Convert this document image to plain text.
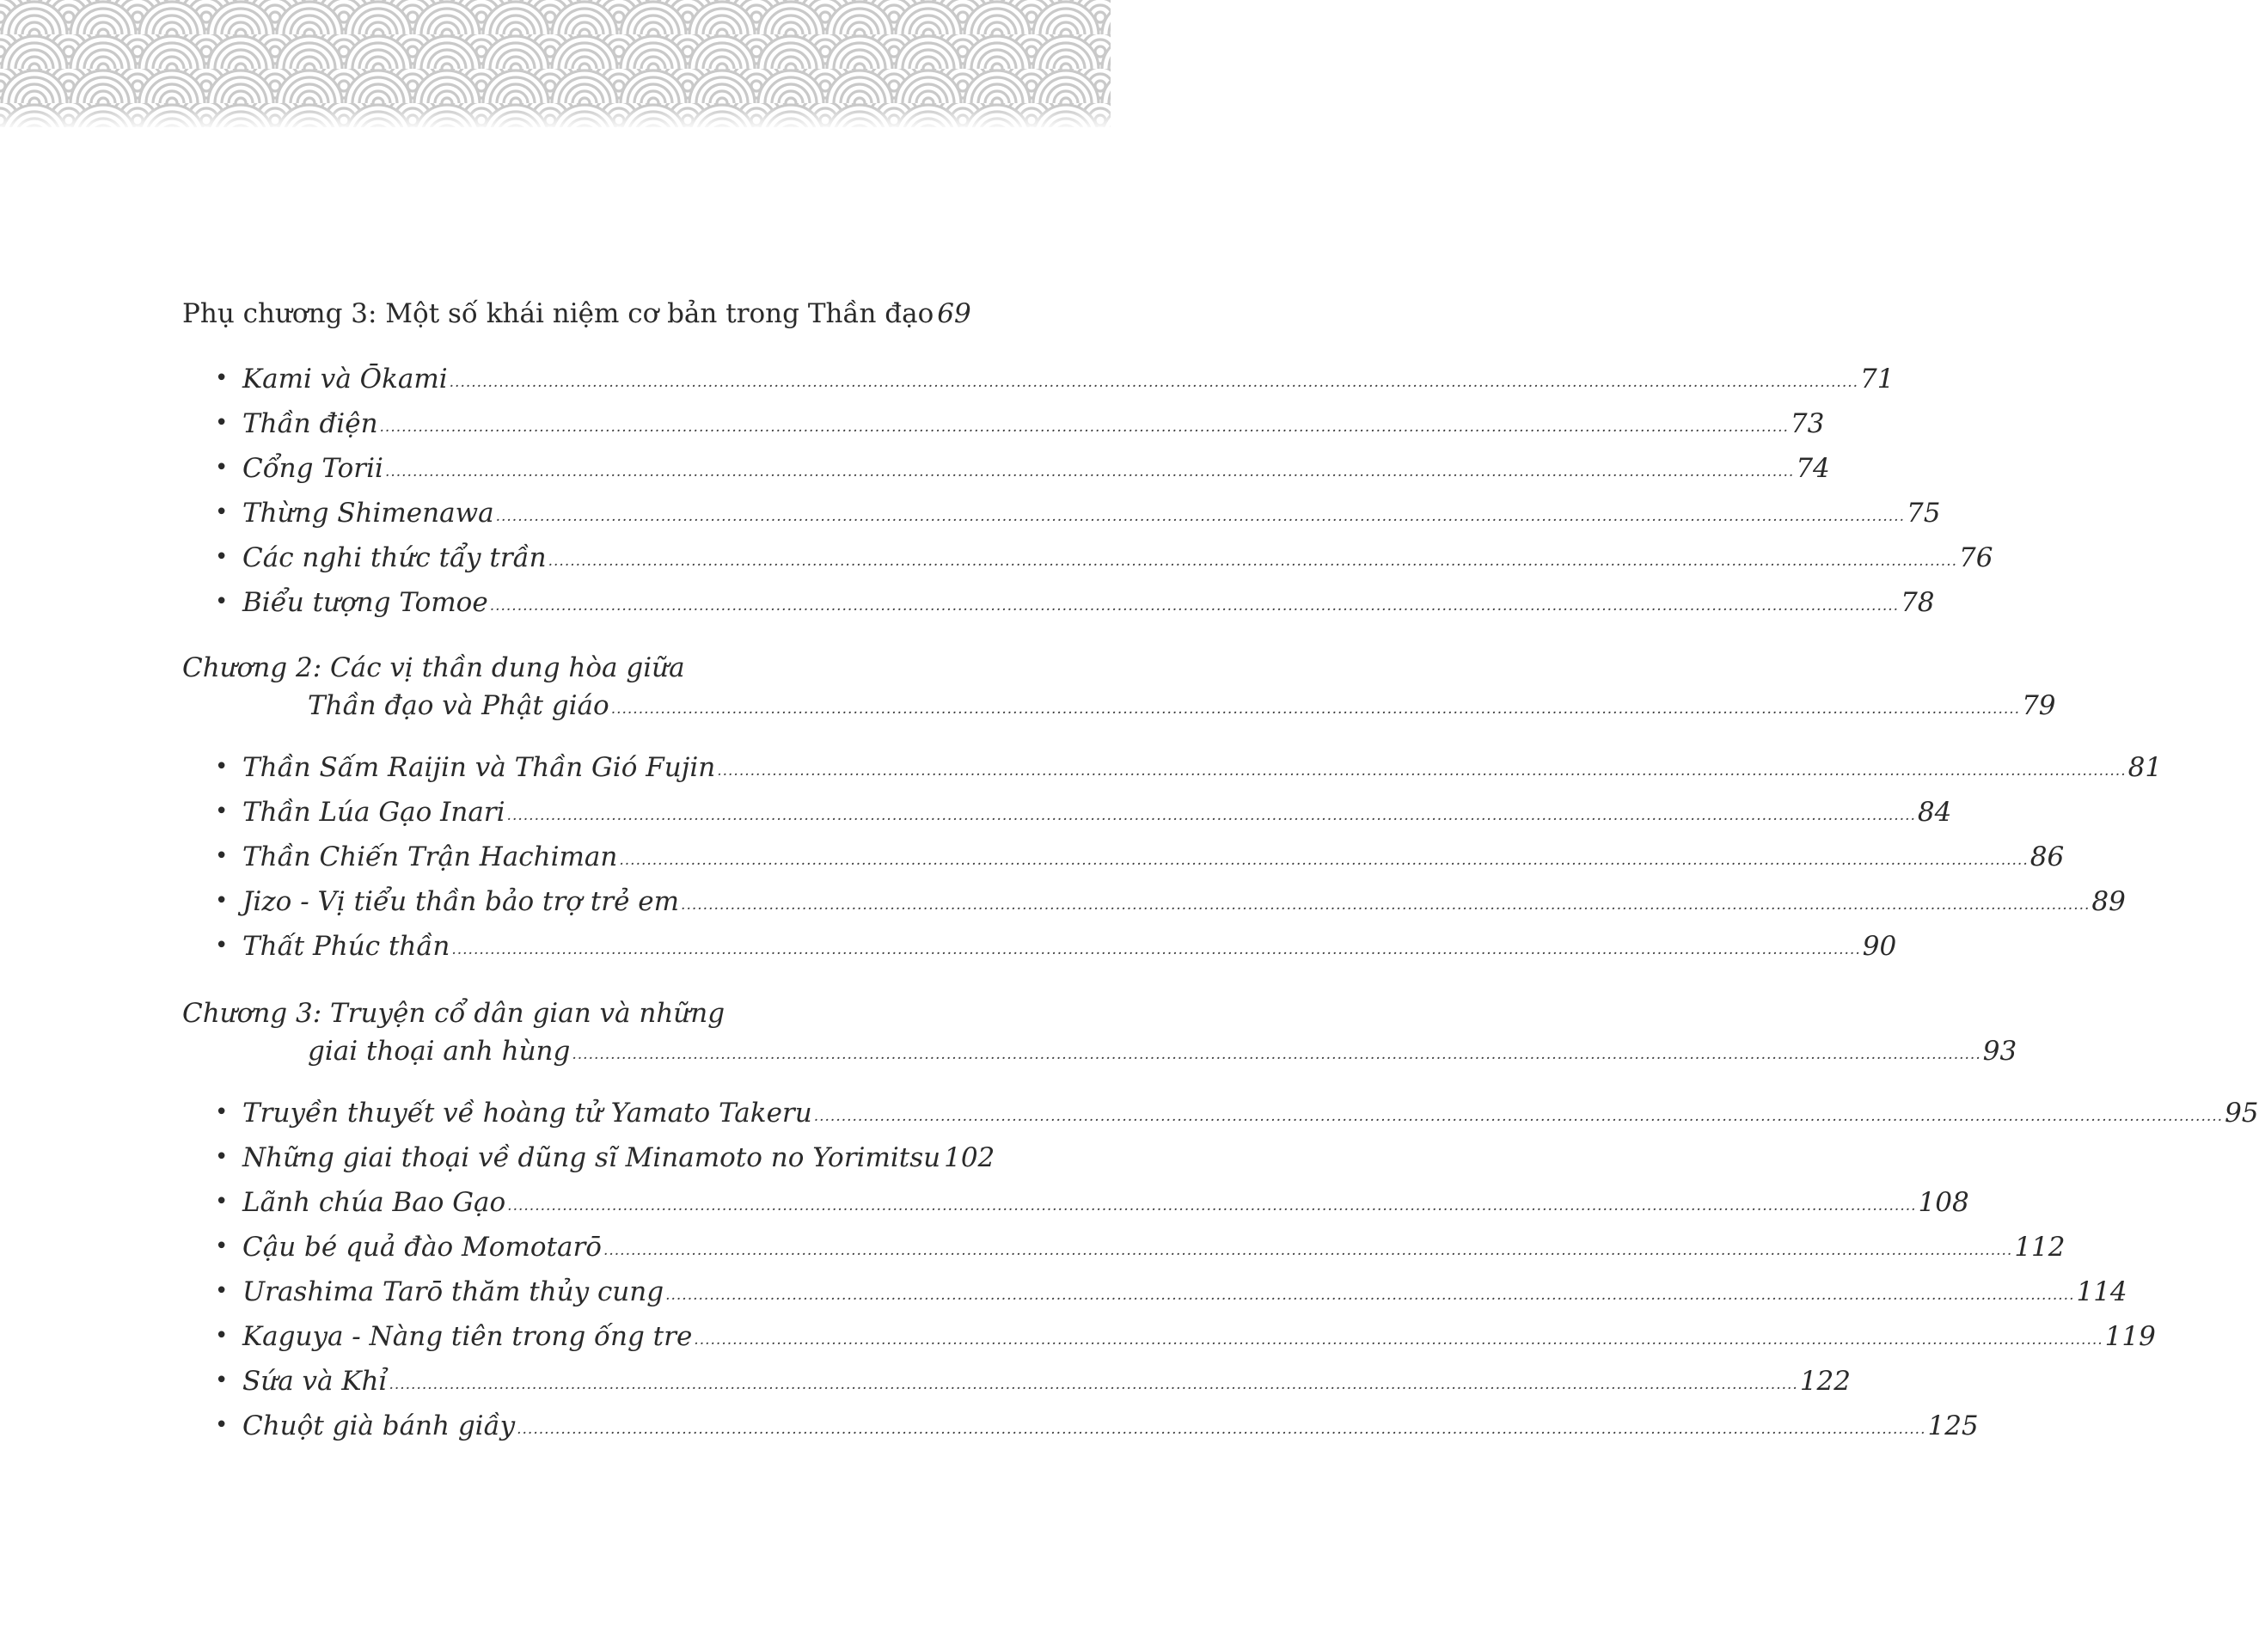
Phụ chương 3: Một số khái niệm cơ bản trong Thần đạo 69
• Kami và Ōkami ................................................................................................................................................................................................................................................................ 71
• Thần điện ................................................................................................................................................................................................................................................................ 73
• Cổng Torii ................................................................................................................................................................................................................................................................ 74
• Thừng Shimenawa ................................................................................................................................................................................................................................................................ 75
• Các nghi thức tẩy trần ................................................................................................................................................................................................................................................................ 76
• Biểu tượng Tomoe ................................................................................................................................................................................................................................................................ 78
Chương 2: Các vị thần dung hòa giữa
Thần đạo và Phật giáo ................................................................................................................................................................................................................................................................ 79
• Thần Sấm Raijin và Thần Gió Fujin ................................................................................................................................................................................................................................................................ 81
• Thần Lúa Gạo Inari ................................................................................................................................................................................................................................................................ 84
• Thần Chiến Trận Hachiman ................................................................................................................................................................................................................................................................ 86
• Jizo - Vị tiểu thần bảo trợ trẻ em ................................................................................................................................................................................................................................................................ 89
• Thất Phúc thần ................................................................................................................................................................................................................................................................ 90
Chương 3: Truyện cổ dân gian và những
giai thoại anh hùng ................................................................................................................................................................................................................................................................ 93
• Truyền thuyết về hoàng tử Yamato Takeru ................................................................................................................................................................................................................................................................ 95
• Những giai thoại về dũng sĩ Minamoto no Yorimitsu 102
• Lãnh chúa Bao Gạo ................................................................................................................................................................................................................................................................ 108
• Cậu bé quả đào Momotarō ................................................................................................................................................................................................................................................................ 112
• Urashima Tarō thăm thủy cung ................................................................................................................................................................................................................................................................ 114
• Kaguya - Nàng tiên trong ống tre ................................................................................................................................................................................................................................................................ 119
• Sứa và Khỉ ................................................................................................................................................................................................................................................................ 122
• Chuột già bánh giầy ................................................................................................................................................................................................................................................................ 125
